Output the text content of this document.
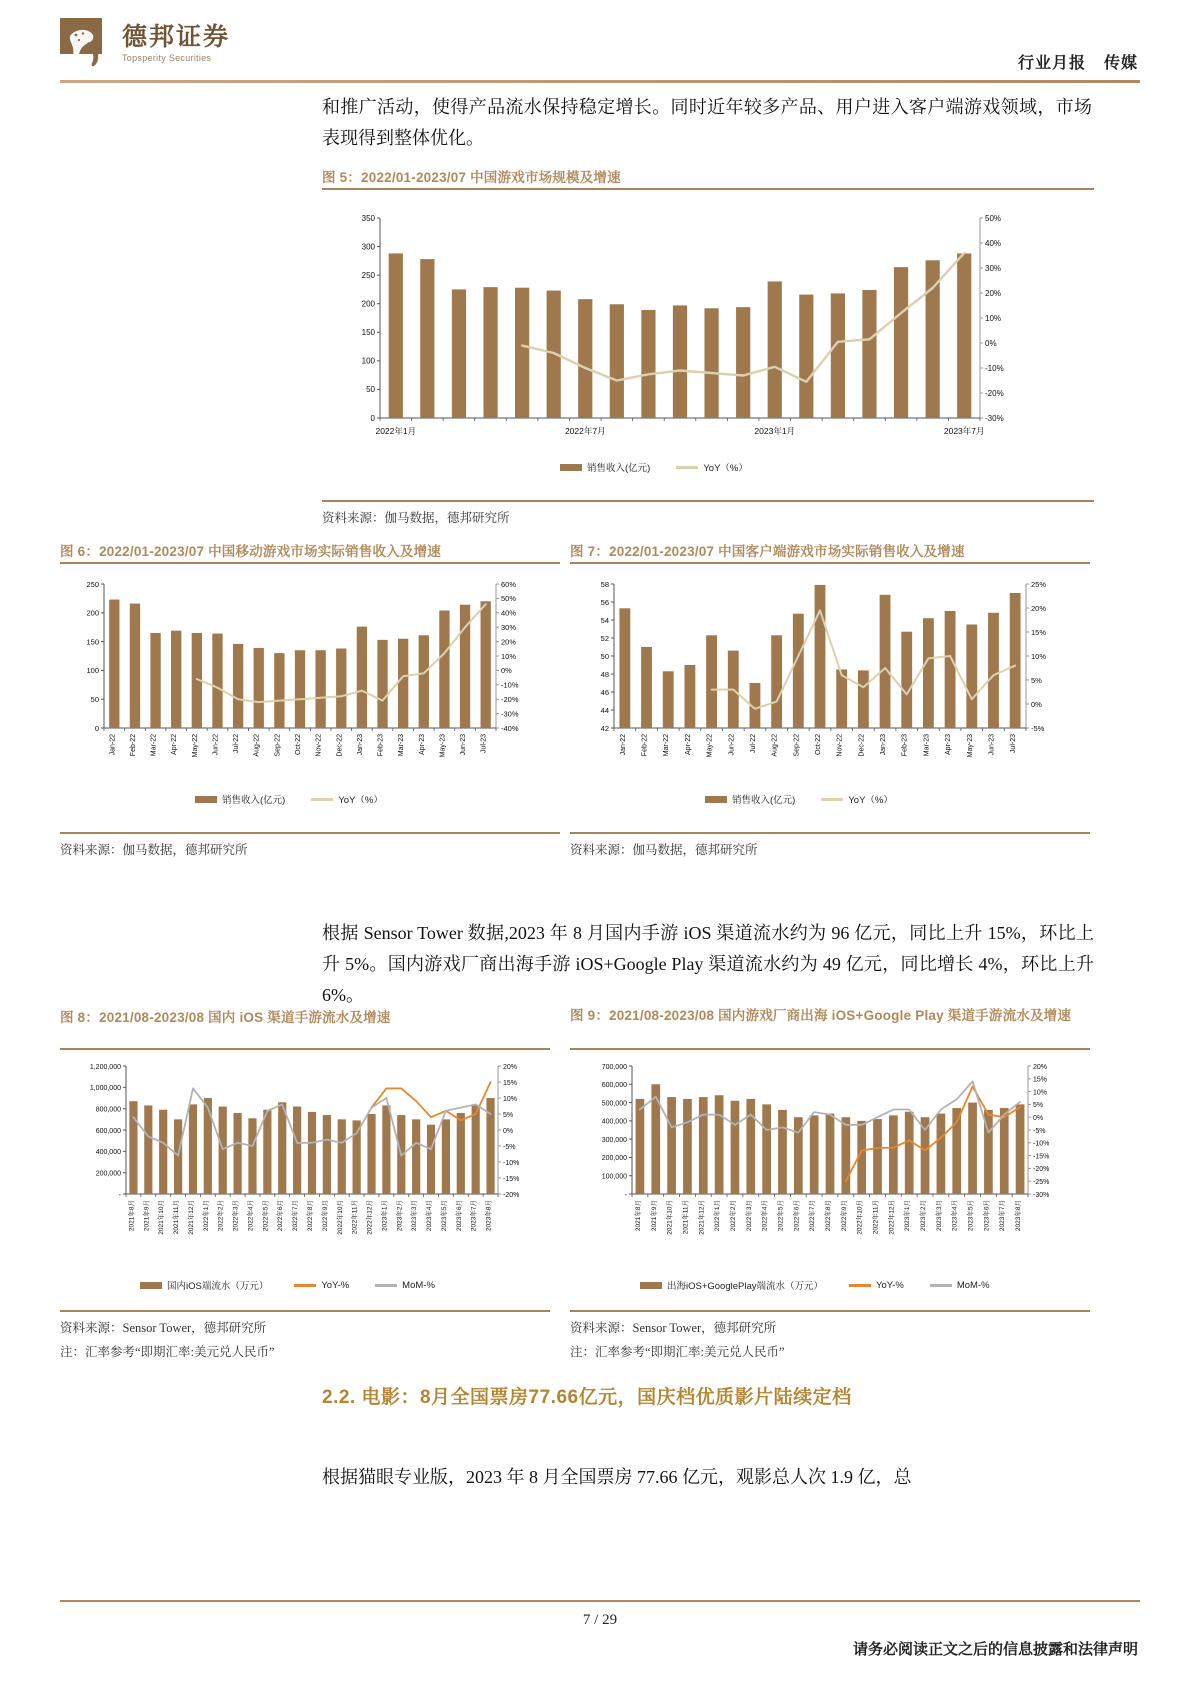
德邦证券
Topsperity Securities	行业月报 传媒
和推广活动，使得产品流水保持稳定增长。同时近年较多产品、用户进入客户端游戏领域，市场表现得到整体优化。
图 5：2022/01-2023/07 中国游戏市场规模及增速
0
50
100
150
200
250
300
350
-30%
-20%
-10%
0%
10%
20%
30%
40%
50%
2022年1月	2022年7月	2023年1月	2023年7月
销售收入(亿元)	YoY（%）
资料来源：伽马数据，德邦研究所
图 6：2022/01-2023/07 中国移动游戏市场实际销售收入及增速
0
50
100
150
200
250
-40%
-30%
-20%
-10%
0%
10%
20%
30%
40%
50%
60%
Jan-22 Feb-22 Mar-22 Apr-22 May-22 Jun-22 Jul-22 Aug-22 Sep-22 Oct-22 Nov-22 Dec-22 Jan-23 Feb-23 Mar-23 Apr-23 May-23 Jun-23 Jul-23
销售收入(亿元)	YoY（%）
资料来源：伽马数据，德邦研究所
图 7：2022/01-2023/07 中国客户端游戏市场实际销售收入及增速
42
44
46
48
50
52
54
56
58
-5%
0%
5%
10%
15%
20%
25%
Jan-22 Feb-22 Mar-22 Apr-22 May-22 Jun-22 Jul-22 Aug-22 Sep-22 Oct-22 Nov-22 Dec-22 Jan-23 Feb-23 Mar-23 Apr-23 May-23 Jun-23 Jul-23
销售收入(亿元)	YoY（%）
资料来源：伽马数据，德邦研究所
根据 Sensor Tower 数据,2023 年 8 月国内手游 iOS 渠道流水约为 96 亿元，同比上升 15%，环比上升 5%。国内游戏厂商出海手游 iOS+Google Play 渠道流水约为 49 亿元，同比增长 4%，环比上升 6%。
图 8：2021/08-2023/08 国内 iOS 渠道手游流水及增速
-
200,000
400,000
600,000
800,000
1,000,000
1,200,000
-20%
-15%
-10%
-5%
0%
5%
10%
15%
20%
2021年8月	2021年9月	2021年10月	2021年11月	2021年12月	2022年1月	2022年2月	2022年3月	2022年4月	2022年5月	2022年6月	2022年7月	2022年8月	2022年9月	2022年10月	2022年11月	2022年12月	2023年1月	2023年2月	2023年3月	2023年4月	2023年5月	2023年6月	2023年7月	2023年8月
国内iOS端流水（万元）	YoY-%	MoM-%
资料来源：Sensor Tower，德邦研究所
注：汇率参考“即期汇率:美元兑人民币”
图 9：2021/08-2023/08 国内游戏厂商出海 iOS+Google Play 渠道手游流水及增速
-
100,000
200,000
300,000
400,000
500,000
600,000
700,000
-30%
-25%
-20%
-15%
-10%
-5%
0%
5%
10%
15%
20%
2021年8月	2021年9月	2021年10月	2021年11月	2021年12月	2022年1月	2022年2月	2022年3月	2022年4月	2022年5月	2022年6月	2022年7月	2022年8月	2022年9月	2022年10月	2022年11月	2022年12月	2023年1月	2023年2月	2023年3月	2023年4月	2023年5月	2023年6月	2023年7月	2023年8月
出海iOS+GooglePlay端流水（万元）	YoY-%	MoM-%
资料来源：Sensor Tower，德邦研究所
注：汇率参考“即期汇率:美元兑人民币”
2.2. 电影：8月全国票房77.66亿元，国庆档优质影片陆续定档
根据猫眼专业版，2023 年 8 月全国票房 77.66 亿元，观影总人次 1.9 亿，总
7 / 29
请务必阅读正文之后的信息披露和法律声明
